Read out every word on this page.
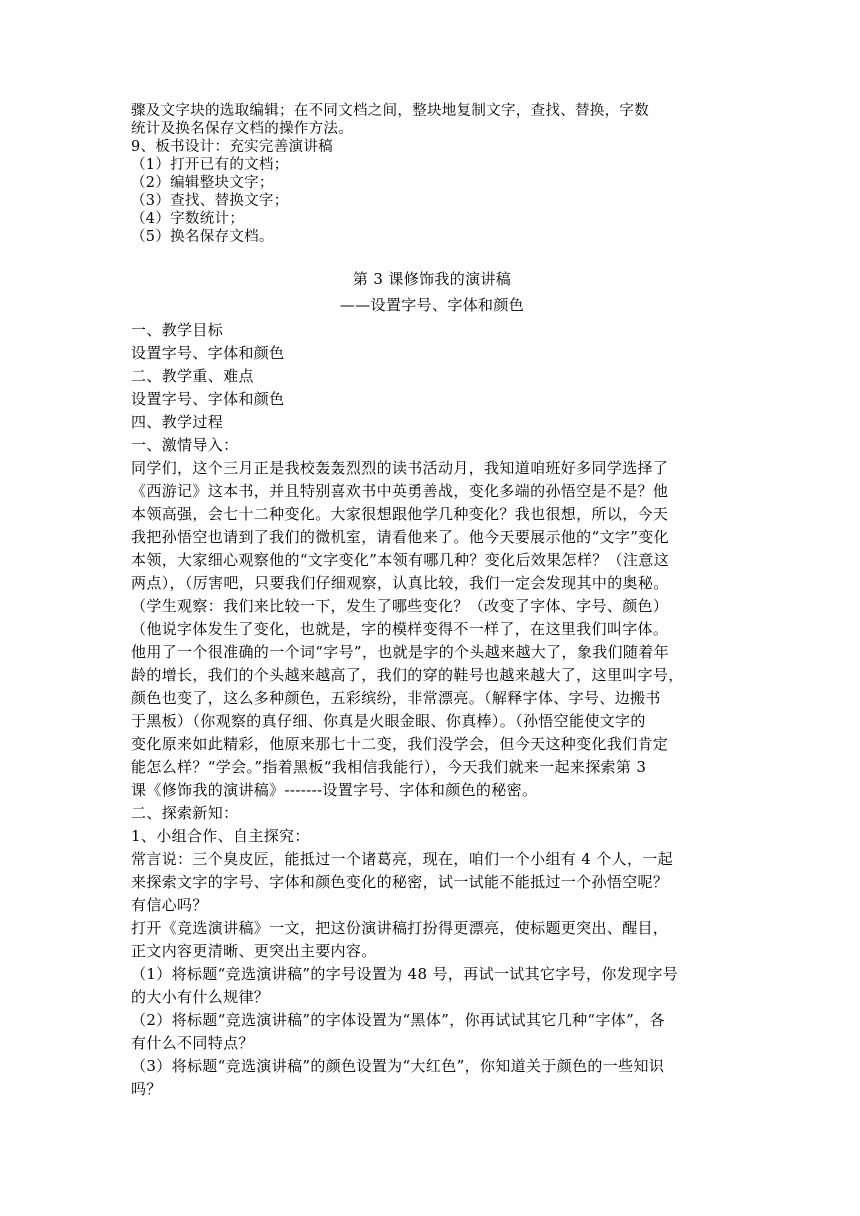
骤及文字块的选取编辑；在不同文档之间，整块地复制文字，查找、替换，字数
统计及换名保存文档的操作方法。
9、板书设计：充实完善演讲稿
（1）打开已有的文档；
（2）编辑整块文字；
（3）查找、替换文字；
（4）字数统计；
（5）换名保存文档。
第 3 课修饰我的演讲稿
——设置字号、字体和颜色
一、教学目标
设置字号、字体和颜色
二、教学重、难点
设置字号、字体和颜色
四、教学过程
一、激情导入：
同学们，这个三月正是我校轰轰烈烈的读书活动月，我知道咱班好多同学选择了
《西游记》这本书，并且特别喜欢书中英勇善战，变化多端的孙悟空是不是？他
本领高强，会七十二种变化。大家很想跟他学几种变化？我也很想，所以，今天
我把孙悟空也请到了我们的微机室，请看他来了。他今天要展示他的“文字”变化
本领，大家细心观察他的“文字变化”本领有哪几种？变化后效果怎样？（注意这
两点），（厉害吧，只要我们仔细观察，认真比较，我们一定会发现其中的奥秘。
（学生观察：我们来比较一下，发生了哪些变化？（改变了字体、字号、颜色）
（他说字体发生了变化，也就是，字的模样变得不一样了，在这里我们叫字体。
他用了一个很准确的一个词“字号”，也就是字的个头越来越大了，象我们随着年
龄的增长，我们的个头越来越高了，我们的穿的鞋号也越来越大了，这里叫字号，
颜色也变了，这么多种颜色，五彩缤纷，非常漂亮。（解释字体、字号、边搬书
于黑板）（你观察的真仔细、你真是火眼金眼、你真棒）。（孙悟空能使文字的
变化原来如此精彩，他原来那七十二变，我们没学会，但今天这种变化我们肯定
能怎么样？“学会。”指着黑板“我相信我能行），今天我们就来一起来探索第 3
课《修饰我的演讲稿》-------设置字号、字体和颜色的秘密。
二、探索新知：
1、小组合作、自主探究：
常言说：三个臭皮匠，能抵过一个诸葛亮，现在，咱们一个小组有 4 个人，一起
来探索文字的字号、字体和颜色变化的秘密，试一试能不能抵过一个孙悟空呢？
有信心吗？
打开《竞选演讲稿》一文，把这份演讲稿打扮得更漂亮，使标题更突出、醒目，
正文内容更清晰、更突出主要内容。
（1）将标题“竞选演讲稿”的字号设置为 48 号，再试一试其它字号，你发现字号
的大小有什么规律？
（2）将标题“竞选演讲稿”的字体设置为“黑体”，你再试试其它几种“字体”，各
有什么不同特点？
（3）将标题“竞选演讲稿”的颜色设置为“大红色”，你知道关于颜色的一些知识
吗？
